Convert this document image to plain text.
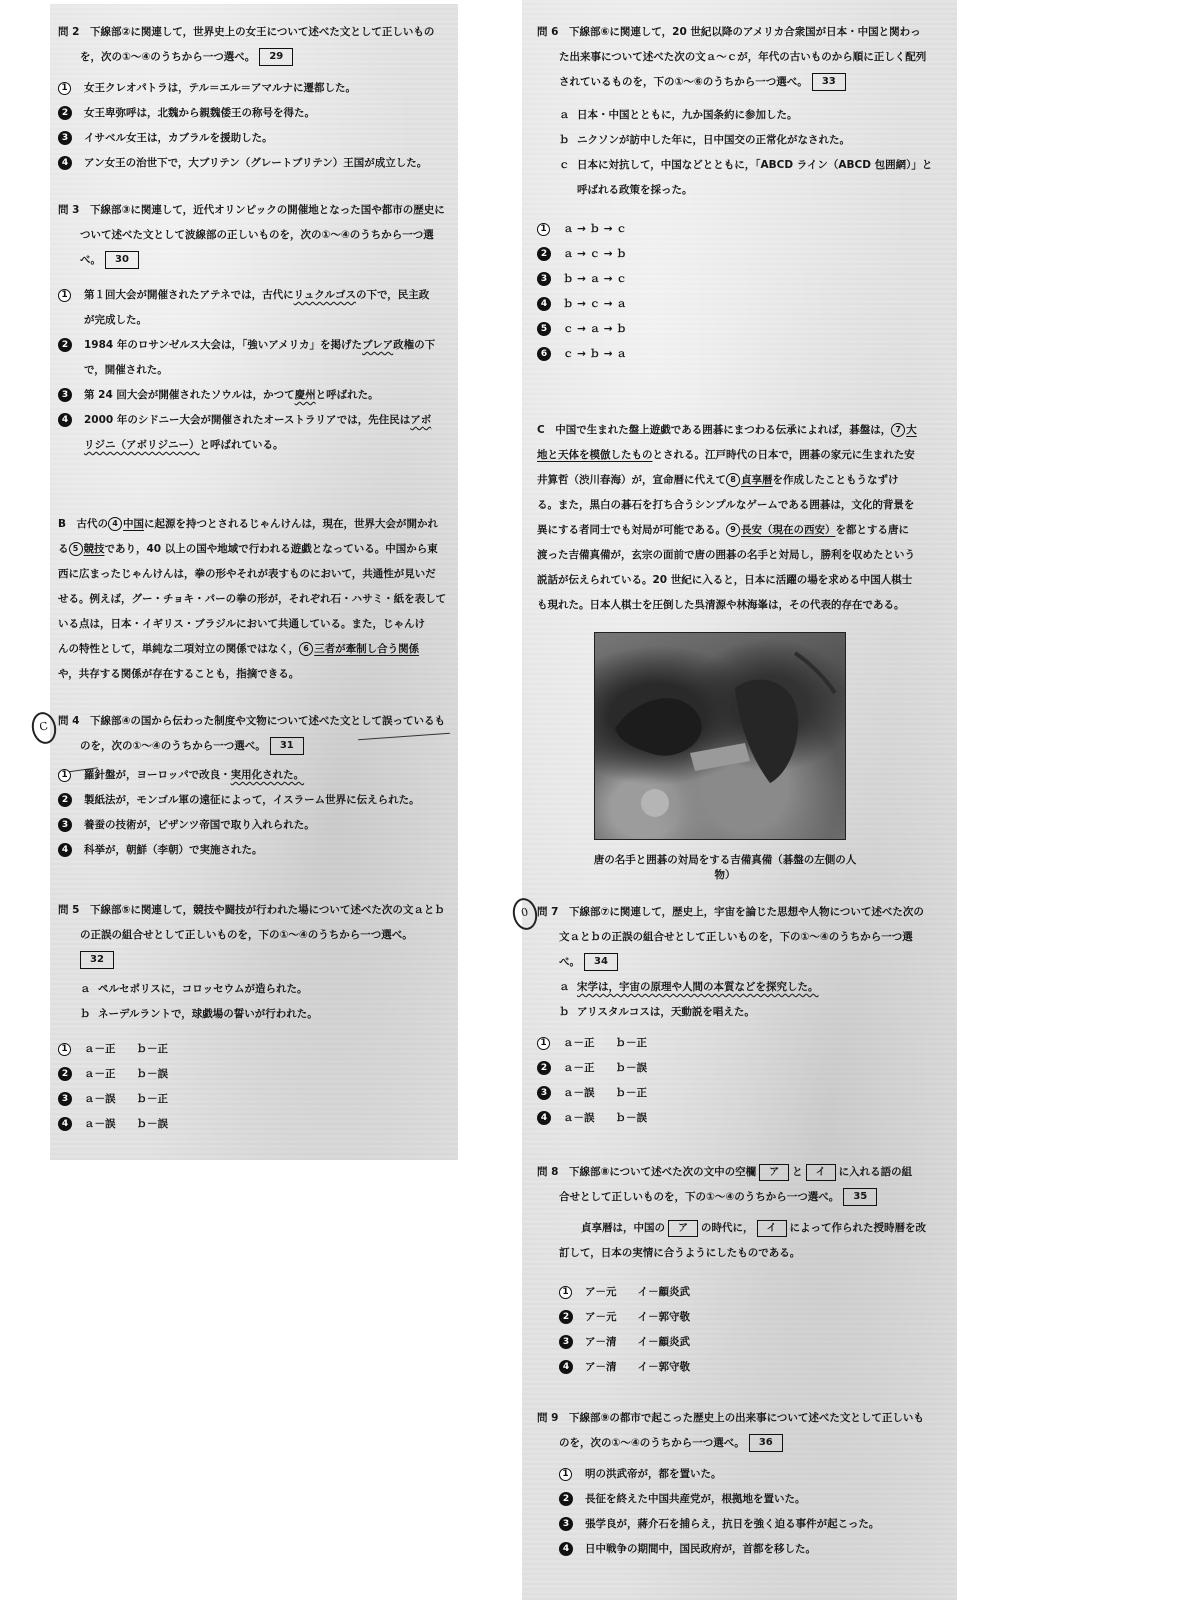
問 2　下線部②に関連して，世界史上の女王について述べた文として正しいもの
を，次の①～④のうちから一つ選べ。 29
1	女王クレオパトラは，テル＝エル＝アマルナに遷都した。
2	女王卑弥呼は，北魏から親魏倭王の称号を得た。
3	イサベル女王は，カブラルを援助した。
4	アン女王の治世下で，大ブリテン（グレートブリテン）王国が成立した。
問 3　下線部③に関連して，近代オリンピックの開催地となった国や都市の歴史に
ついて述べた文として波線部の正しいものを，次の①～④のうちから一つ選
べ。 30
1	第１回大会が開催されたアテネでは，古代にリュクルゴスの下で，民主政
が完成した。
2	1984 年のロサンゼルス大会は，「強いアメリカ」を掲げたブレア政権の下
で，開催された。
3	第 24 回大会が開催されたソウルは，かつて慶州と呼ばれた。
4	2000 年のシドニー大会が開催されたオーストラリアでは，先住民はアボ
リジニ（アボリジニー）と呼ばれている。

B　古代の 4 中国に起源を持つとされるじゃんけんは，現在，世界大会が開かれ

る 5 競技であり，40 以上の国や地域で行われる遊戯となっている。中国から東

西に広まったじゃんけんは，拳の形やそれが表すものにおいて，共通性が見いだ

せる。例えば，グー・チョキ・パーの拳の形が，それぞれ石・ハサミ・紙を表して

いる点は，日本・イギリス・ブラジルにおいて共通している。また，じゃんけ

んの特性として，単純な二項対立の関係ではなく， 6 三者が牽制し合う関係

や，共存する関係が存在することも，指摘できる。

C 問 4　下線部④の国から伝わった制度や文物について述べた文として誤っているも
のを，次の①～④のうちから一つ選べ。 31
1	羅針盤が，ヨーロッパで改良・実用化された。
2	製紙法が，モンゴル軍の遠征によって，イスラーム世界に伝えられた。
3	養蚕の技術が，ビザンツ帝国で取り入れられた。
4	科挙が，朝鮮（李朝）で実施された。
問 5　下線部⑤に関連して，競技や闘技が行われた場について述べた次の文ａとｂ
の正誤の組合せとして正しいものを，下の①～④のうちから一つ選べ。
32
ａ ペルセポリスに，コロッセウムが造られた。
ｂ ネーデルラントで，球戯場の誓いが行われた。
1	ａ－正　　ｂ－正
2	ａ－正　　ｂ－誤
3	ａ－誤　　ｂ－正
4	ａ－誤　　ｂ－誤
問 6　下線部⑥に関連して，20 世紀以降のアメリカ合衆国が日本・中国と関わっ
た出来事について述べた次の文ａ～ｃが，年代の古いものから順に正しく配列
されているものを，下の①～⑥のうちから一つ選べ。 33
ａ 日本・中国とともに，九か国条約に参加した。
ｂ ニクソンが訪中した年に，日中国交の正常化がなされた。
ｃ 日本に対抗して，中国などとともに，「ABCD ライン（ABCD 包囲網）」と
呼ばれる政策を採った。
1	ａ → ｂ → ｃ
2	ａ → ｃ → ｂ
3	ｂ → ａ → ｃ
4	ｂ → ｃ → ａ
5	ｃ → ａ → ｂ
6	ｃ → ｂ → ａ

C　中国で生まれた盤上遊戯である囲碁にまつわる伝承によれば，碁盤は， 7 大

地と天体を模倣したものとされる。江戸時代の日本で，囲碁の家元に生まれた安

井算哲（渋川春海）が，宣命暦に代えて 8 貞享暦を作成したこともうなずけ

る。また，黒白の碁石を打ち合うシンプルなゲームである囲碁は，文化的背景を

異にする者同士でも対局が可能である。 9 長安（現在の西安）を都とする唐に

渡った吉備真備が，玄宗の面前で唐の囲碁の名手と対局し，勝利を収めたという

説話が伝えられている。20 世紀に入ると，日本に活躍の場を求める中国人棋士

も現れた。日本人棋士を圧倒した呉清源や林海峯は，その代表的存在である。

唐の名手と囲碁の対局をする吉備真備（碁盤の左側の人物）
0 問 7　下線部⑦に関連して，歴史上，宇宙を論じた思想や人物について述べた次の
文ａとｂの正誤の組合せとして正しいものを，下の①～④のうちから一つ選
べ。 34
ａ 宋学は，宇宙の原理や人間の本質などを探究した。
ｂ アリスタルコスは，天動説を唱えた。
1	ａ－正　　ｂ－正
2	ａ－正　　ｂ－誤
3	ａ－誤　　ｂ－正
4	ａ－誤　　ｂ－誤
問 8　下線部⑧について述べた次の文中の空欄 ア と イ に入れる語の組
合せとして正しいものを，下の①～④のうちから一つ選べ。 35
貞享暦は，中国の ア の時代に， イ によって作られた授時暦を改
訂して，日本の実情に合うようにしたものである。
1	ア－元　　イ－顧炎武
2	ア－元　　イ－郭守敬
3	ア－清　　イ－顧炎武
4	ア－清　　イ－郭守敬
問 9　下線部⑨の都市で起こった歴史上の出来事について述べた文として正しいも
のを，次の①～④のうちから一つ選べ。 36
1	明の洪武帝が，都を置いた。
2	長征を終えた中国共産党が，根拠地を置いた。
3	張学良が，蔣介石を捕らえ，抗日を強く迫る事件が起こった。
4	日中戦争の期間中，国民政府が，首都を移した。
